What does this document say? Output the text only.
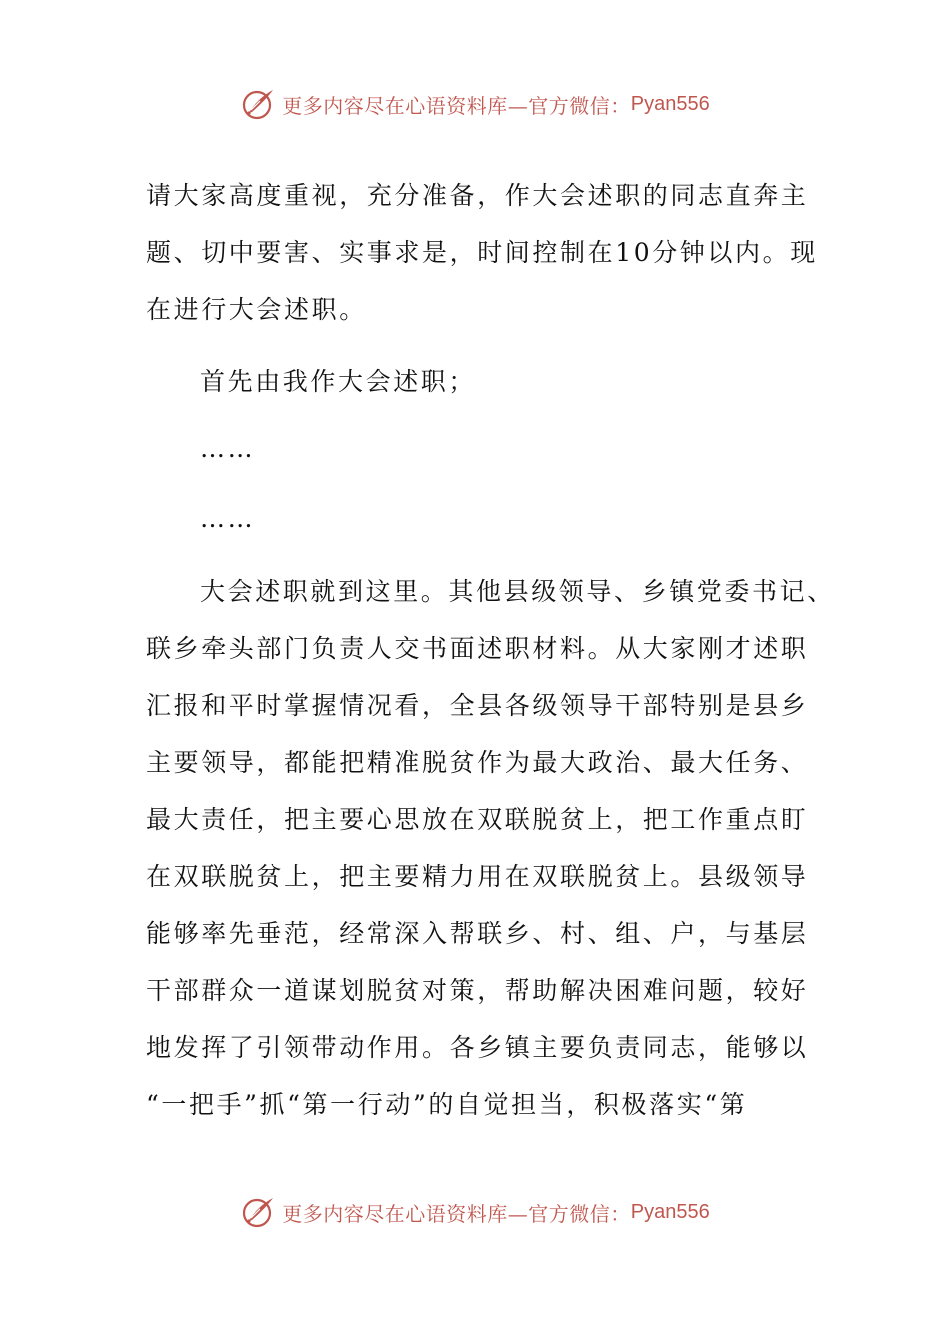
更多内容尽在心语资料库—官方微信： Pyan556
请大家高度重视，充分准备，作大会述职的同志直奔主
题、切中要害、实事求是，时间控制在10分钟以内。现
在进行大会述职。
首先由我作大会述职；
……
……
大会述职就到这里。其他县级领导、乡镇党委书记、
联乡牵头部门负责人交书面述职材料。从大家刚才述职
汇报和平时掌握情况看，全县各级领导干部特别是县乡
主要领导，都能把精准脱贫作为最大政治、最大任务、
最大责任，把主要心思放在双联脱贫上，把工作重点盯
在双联脱贫上，把主要精力用在双联脱贫上。县级领导
能够率先垂范，经常深入帮联乡、村、组、户，与基层
干部群众一道谋划脱贫对策，帮助解决困难问题，较好
地发挥了引领带动作用。各乡镇主要负责同志，能够以
“一把手”抓“第一行动”的自觉担当，积极落实“第
更多内容尽在心语资料库—官方微信： Pyan556
